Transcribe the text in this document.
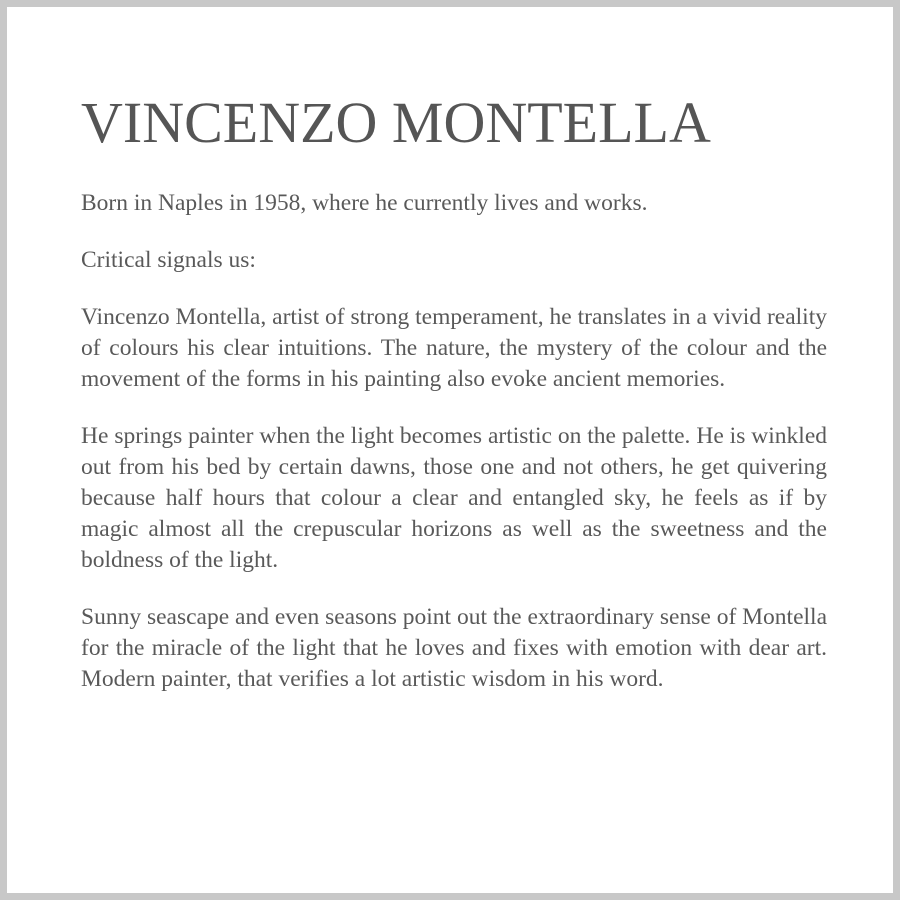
VINCENZO MONTELLA

Born in Naples in 1958, where he currently lives and works.

Critical signals us:

Vincenzo Montella, artist of strong temperament, he translates in a vivid reality of colours his clear intuitions. The nature, the mystery of the colour and the movement of the forms in his painting also evoke ancient memories.

He springs painter when the light becomes artistic on the palette. He is winkled out from his bed by certain dawns, those one and not others, he get quivering because half hours that colour a clear and entangled sky, he feels as if by magic almost all the crepuscular horizons as well as the sweetness and the boldness of the light.

Sunny seascape and even seasons point out the extraordinary sense of Montella for the miracle of the light that he loves and fixes with emotion with dear art. Modern painter, that verifies a lot artistic wisdom in his word.
